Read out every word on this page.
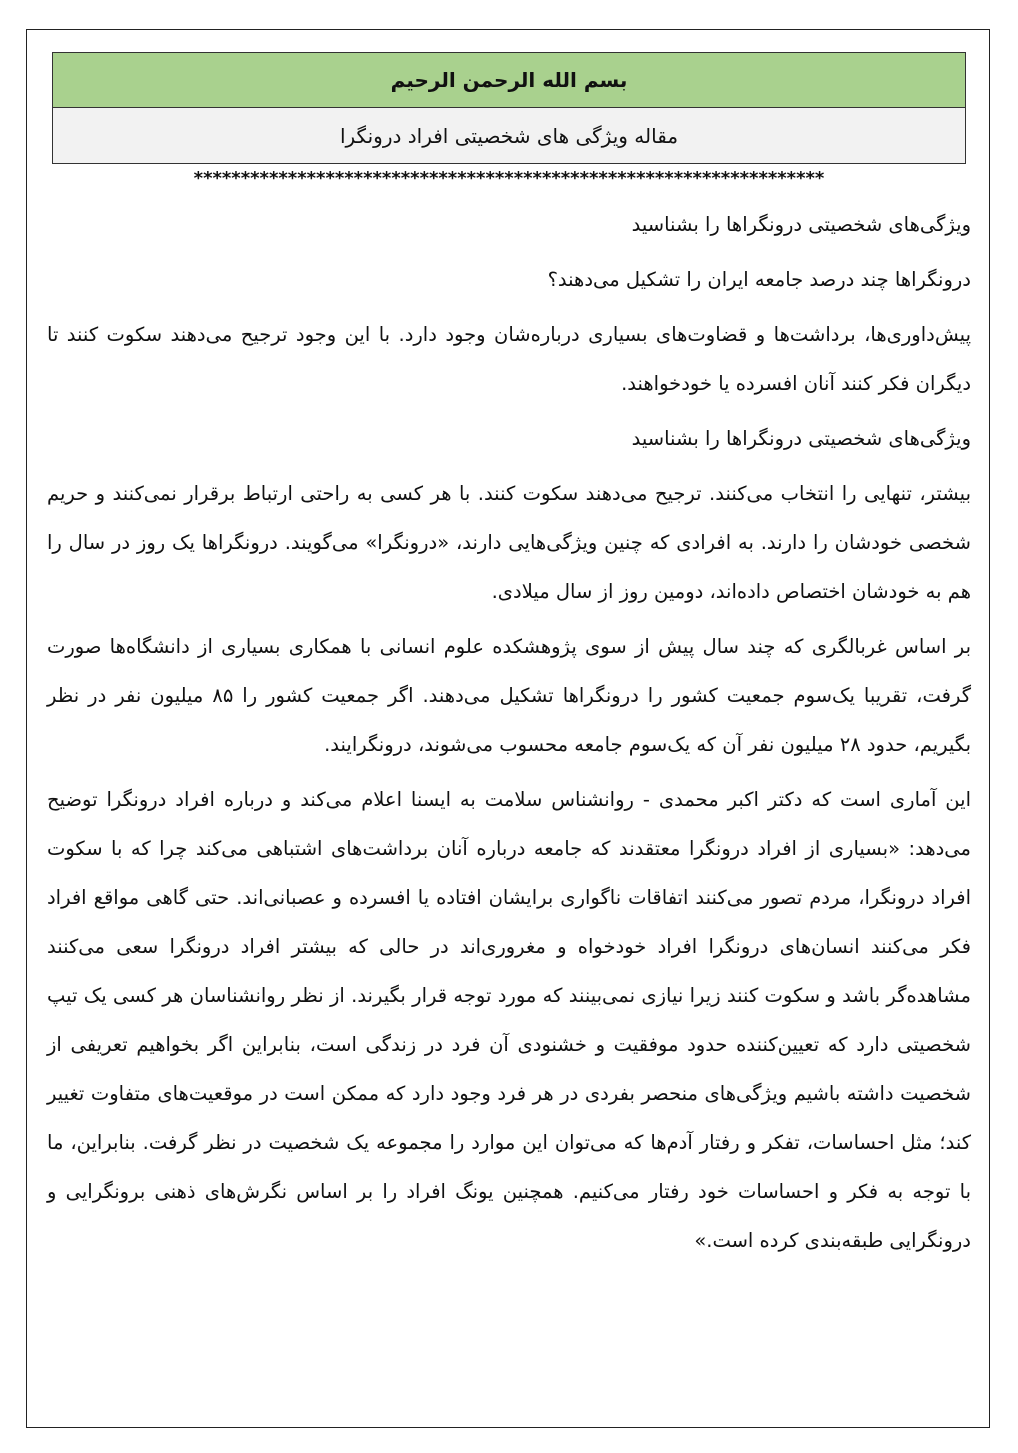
بسم الله الرحمن الرحيم
مقاله ویژگی های شخصیتی افراد درونگرا
*******************************************************************

ویژگی‌های شخصیتی درونگراها را بشناسید

درونگراها چند درصد جامعه ایران را تشکیل می‌دهند؟

پیش‌داوری‌ها، برداشت‌ها و قضاوت‌های بسیاری درباره‌شان وجود دارد. با این وجود ترجیح می‌دهند سکوت کنند تا دیگران فکر کنند آنان افسرده یا خودخواهند.

ویژگی‌های شخصیتی درونگراها را بشناسید

بیشتر، تنهایی را انتخاب می‌کنند. ترجیح می‌دهند سکوت کنند. با هر کسی به راحتی ارتباط برقرار نمی‌کنند و حریم شخصی خودشان را دارند. به افرادی که چنین ویژگی‌هایی دارند، «درونگرا» می‌گویند. درونگراها یک روز در سال را هم به خودشان اختصاص داده‌اند، دومین روز از سال میلادی.

بر اساس غربالگری که چند سال پیش از سوی پژوهشکده علوم انسانی با همکاری بسیاری از دانشگاه‌ها صورت گرفت، تقریبا یک‌سوم جمعیت کشور را درونگراها تشکیل می‌دهند. اگر جمعیت کشور را ۸۵ میلیون نفر در نظر بگیریم، حدود ۲۸ میلیون نفر آن که یک‌سوم جامعه محسوب می‌شوند، درونگرایند.

این آماری است که دکتر اکبر محمدی - روانشناس سلامت به ایسنا اعلام می‌کند و درباره افراد درونگرا توضیح می‌دهد: «بسیاری از افراد درونگرا معتقدند که جامعه درباره آنان برداشت‌های اشتباهی می‌کند چرا که با سکوت افراد درونگرا، مردم تصور می‌کنند اتفاقات ناگواری برایشان افتاده یا افسرده و عصبانی‌اند. حتی گاهی مواقع افراد فکر می‌کنند انسان‌های درونگرا افراد خودخواه و مغروری‌اند در حالی که بیشتر افراد درونگرا سعی می‌کنند مشاهده‌گر باشد و سکوت کنند زیرا نیازی نمی‌بینند که مورد توجه قرار بگیرند. از نظر روانشناسان هر کسی یک تیپ شخصیتی دارد که تعیین‌کننده حدود موفقیت و خشنودی آن فرد در زندگی است، بنابراین اگر بخواهیم تعریفی از شخصیت داشته باشیم ویژگی‌های منحصر بفردی در هر فرد وجود دارد که ممکن است در موقعیت‌های متفاوت تغییر کند؛ مثل احساسات، تفکر و رفتار آدم‌ها که می‌توان این موارد را مجموعه یک شخصیت در نظر گرفت. بنابراین، ما با توجه به فکر و احساسات خود رفتار می‌کنیم. همچنین یونگ افراد را بر اساس نگرش‌های ذهنی برونگرایی و درونگرایی طبقه‌بندی کرده است.»
